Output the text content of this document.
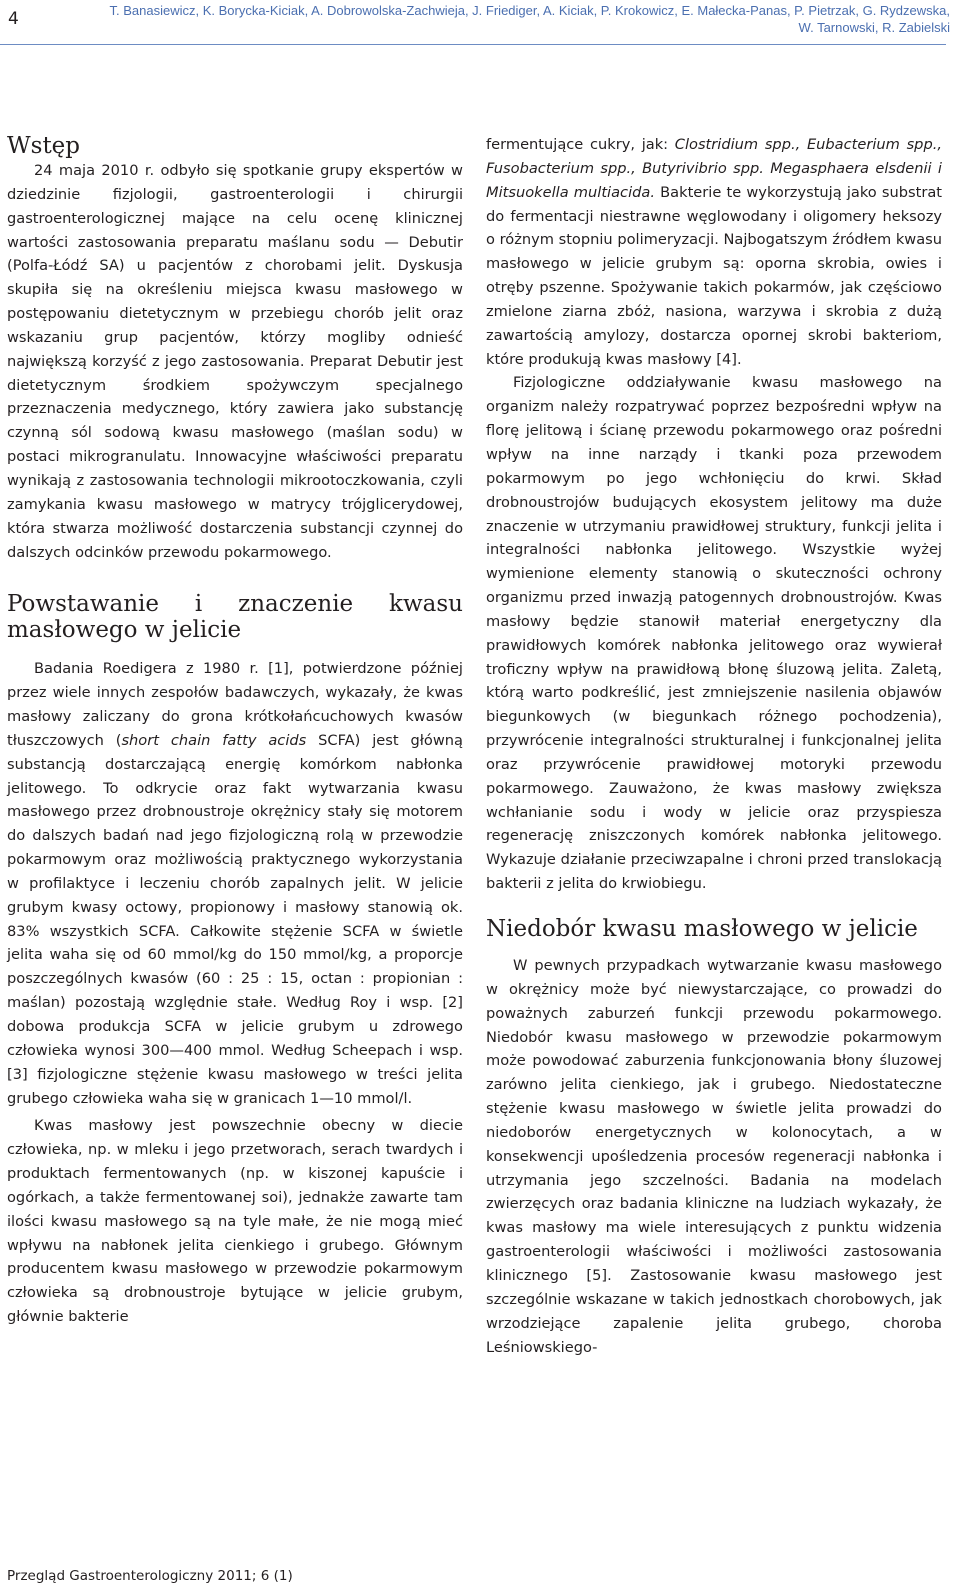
4	T. Banasiewicz, K. Borycka-Kiciak, A. Dobrowolska-Zachwieja, J. Friediger, A. Kiciak, P. Krokowicz, E. Małecka-Panas, P. Pietrzak, G. Rydzewska,
W. Tarnowski, R. Zabielski
Wstęp

24 maja 2010 r. odbyło się spotkanie grupy ekspertów w dziedzinie fizjologii, gastroenterologii i chirurgii gastroenterologicznej mające na celu ocenę klinicznej wartości zastosowania preparatu maślanu sodu — Debutir (Polfa-Łódź SA) u pacjentów z chorobami jelit. Dyskusja skupiła się na określeniu miejsca kwasu masłowego w postępowaniu dietetycznym w przebiegu chorób jelit oraz wskazaniu grup pacjentów, którzy mogliby odnieść największą korzyść z jego zastosowania. Preparat Debutir jest dietetycznym środkiem spożywczym specjalnego przeznaczenia medycznego, który zawiera jako substancję czynną sól sodową kwasu masłowego (maślan sodu) w postaci mikrogranulatu. Innowacyjne właściwości preparatu wynikają z zastosowania technologii mikrootoczkowania, czyli zamykania kwasu masłowego w matrycy trójglicerydowej, która stwarza możliwość dostarczenia substancji czynnej do dalszych odcinków przewodu pokarmowego.

Powstawanie i znaczenie kwasu masłowego w jelicie

Badania Roedigera z 1980 r. [1], potwierdzone później przez wiele innych zespołów badawczych, wykazały, że kwas masłowy zaliczany do grona krótkołańcuchowych kwasów tłuszczowych (short chain fatty acids SCFA) jest główną substancją dostarczającą energię komórkom nabłonka jelitowego. To odkrycie oraz fakt wytwarzania kwasu masłowego przez drobnoustroje okrężnicy stały się motorem do dalszych badań nad jego fizjologiczną rolą w przewodzie pokarmowym oraz możliwością praktycznego wykorzystania w profilaktyce i leczeniu chorób zapalnych jelit. W jelicie grubym kwasy octowy, propionowy i masłowy stanowią ok. 83% wszystkich SCFA. Całkowite stężenie SCFA w świetle jelita waha się od 60 mmol/kg do 150 mmol/kg, a proporcje poszczególnych kwasów (60 : 25 : 15, octan : propionian : maślan) pozostają względnie stałe. Według Roy i wsp. [2] dobowa produkcja SCFA w jelicie grubym u zdrowego człowieka wynosi 300—400 mmol. Według Scheepach i wsp. [3] fizjologiczne stężenie kwasu masłowego w treści jelita grubego człowieka waha się w granicach 1—10 mmol/l.

Kwas masłowy jest powszechnie obecny w diecie człowieka, np. w mleku i jego przetworach, serach twardych i produktach fermentowanych (np. w kiszonej kapuście i ogórkach, a także fermentowanej soi), jednakże zawarte tam ilości kwasu masłowego są na tyle małe, że nie mogą mieć wpływu na nabłonek jelita cienkiego i grubego. Głównym producentem kwasu masłowego w przewodzie pokarmowym człowieka są drobnoustroje bytujące w jelicie grubym, głównie bakterie

fermentujące cukry, jak: Clostridium spp., Eubacterium spp., Fusobacterium spp., Butyrivibrio spp. Megasphaera elsdenii i Mitsuokella multiacida. Bakterie te wykorzystują jako substrat do fermentacji niestrawne węglowodany i oligomery heksozy o różnym stopniu polimeryzacji. Najbogatszym źródłem kwasu masłowego w jelicie grubym są: oporna skrobia, owies i otręby pszenne. Spożywanie takich pokarmów, jak częściowo zmielone ziarna zbóż, nasiona, warzywa i skrobia z dużą zawartością amylozy, dostarcza opornej skrobi bakteriom, które produkują kwas masłowy [4].

Fizjologiczne oddziaływanie kwasu masłowego na organizm należy rozpatrywać poprzez bezpośredni wpływ na florę jelitową i ścianę przewodu pokarmowego oraz pośredni wpływ na inne narządy i tkanki poza przewodem pokarmowym po jego wchłonięciu do krwi. Skład drobnoustrojów budujących ekosystem jelitowy ma duże znaczenie w utrzymaniu prawidłowej struktury, funkcji jelita i integralności nabłonka jelitowego. Wszystkie wyżej wymienione elementy stanowią o skuteczności ochrony organizmu przed inwazją patogennych drobnoustrojów. Kwas masłowy będzie stanowił materiał energetyczny dla prawidłowych komórek nabłonka jelitowego oraz wywierał troficzny wpływ na prawidłową błonę śluzową jelita. Zaletą, którą warto podkreślić, jest zmniejszenie nasilenia objawów biegunkowych (w biegunkach różnego pochodzenia), przywrócenie integralności strukturalnej i funkcjonalnej jelita oraz przywrócenie prawidłowej motoryki przewodu pokarmowego. Zauważono, że kwas masłowy zwiększa wchłanianie sodu i wody w jelicie oraz przyspiesza regenerację zniszczonych komórek nabłonka jelitowego. Wykazuje działanie przeciwzapalne i chroni przed translokacją bakterii z jelita do krwiobiegu.

Niedobór kwasu masłowego w jelicie

W pewnych przypadkach wytwarzanie kwasu masłowego w okrężnicy może być niewystarczające, co prowadzi do poważnych zaburzeń funkcji przewodu pokarmowego. Niedobór kwasu masłowego w przewodzie pokarmowym może powodować zaburzenia funkcjonowania błony śluzowej zarówno jelita cienkiego, jak i grubego. Niedostateczne stężenie kwasu masłowego w świetle jelita prowadzi do niedoborów energetycznych w kolonocytach, a w konsekwencji upośledzenia procesów regeneracji nabłonka i utrzymania jego szczelności. Badania na modelach zwierzęcych oraz badania kliniczne na ludziach wykazały, że kwas masłowy ma wiele interesujących z punktu widzenia gastroenterologii właściwości i możliwości zastosowania klinicznego [5]. Zastosowanie kwasu masłowego jest szczególnie wskazane w takich jednostkach chorobowych, jak wrzodziejące zapalenie jelita grubego, choroba Leśniowskiego-

Przegląd Gastroenterologiczny 2011; 6 (1)
